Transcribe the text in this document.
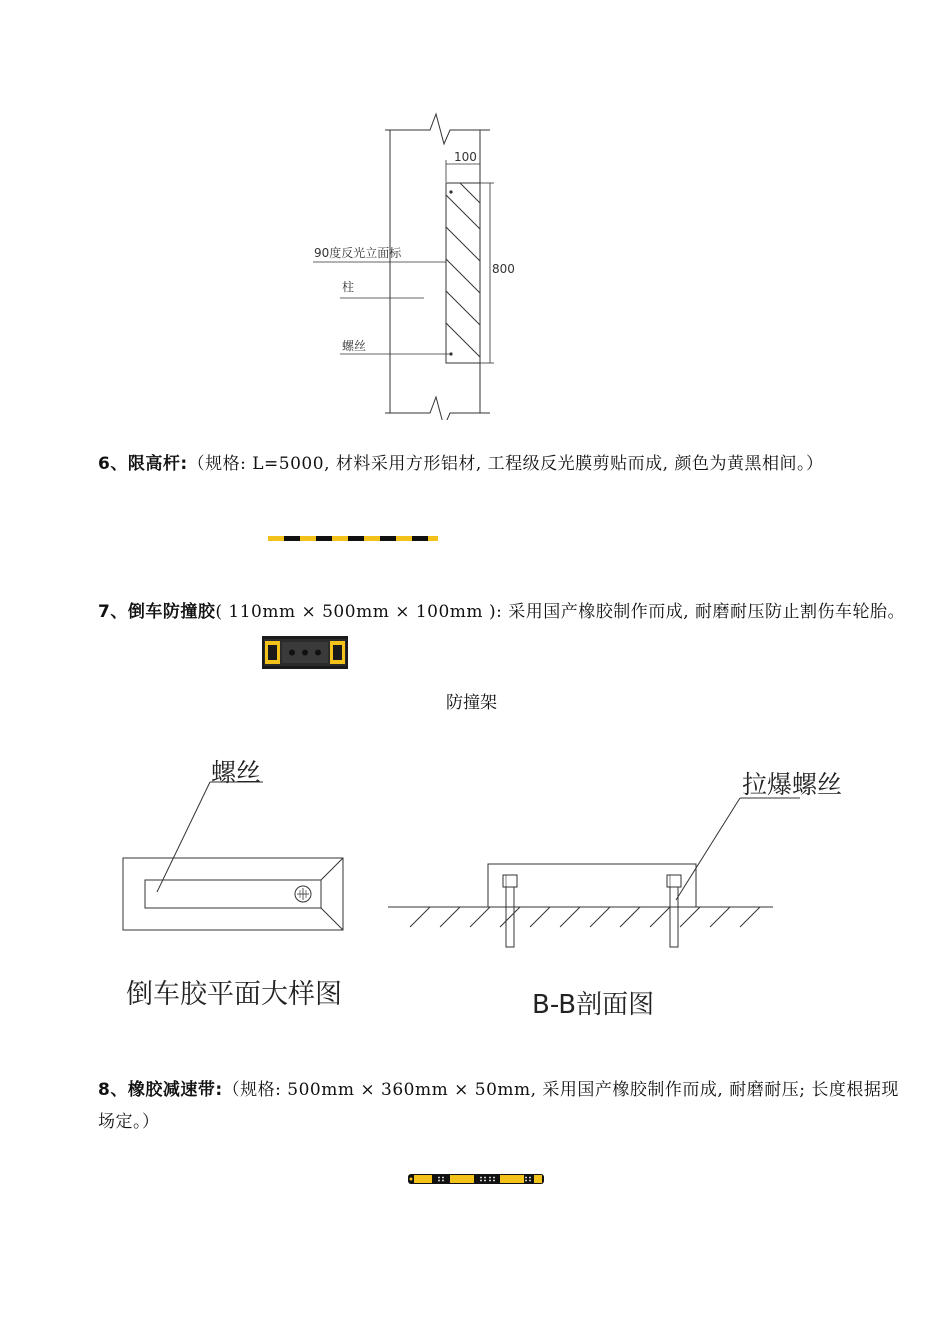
100
800
90度反光立面标
柱
螺丝
6、限高杆:（规格: L=5000, 材料采用方形铝材, 工程级反光膜剪贴而成, 颜色为黄黑相间。）
7、倒车防撞胶( 110mm × 500mm × 100mm ): 采用国产橡胶制作而成, 耐磨耐压防止割伤车轮胎。
防撞架
螺丝	拉爆螺丝
倒车胶平面大样图	B-B剖面图
8、橡胶减速带:（规格: 500mm × 360mm × 50mm, 采用国产橡胶制作而成, 耐磨耐压; 长度根据现
场定。）
